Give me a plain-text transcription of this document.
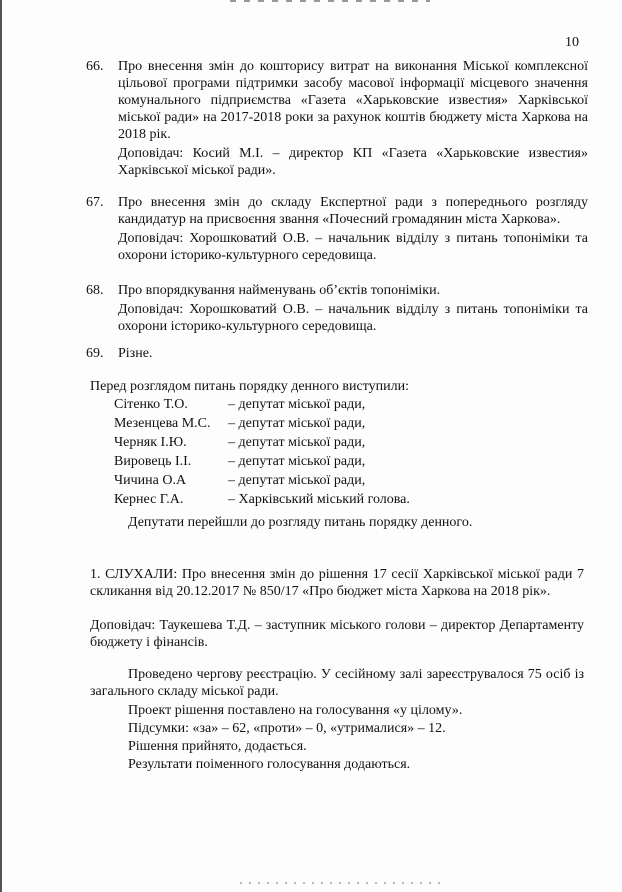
10
66.	Про внесення змін до кошторису витрат на виконання Міської комплексної цільової програми підтримки засобу масової інформації місцевого значення комунального підприємства «Газета «Харьковские известия» Харківської міської ради» на 2017-2018 роки за рахунок коштів бюджету міста Харкова на 2018 рік.

Доповідач: Косий М.І. – директор КП «Газета «Харьковские известия» Харківської міської ради».

67.	Про внесення змін до складу Експертної ради з попереднього розгляду кандидатур на присвоєння звання «Почесний громадянин міста Харкова».

Доповідач: Хорошковатий О.В. – начальник відділу з питань топоніміки та охорони історико-культурного середовища.

68.	Про впорядкування найменувань об’єктів топоніміки.

Доповідач: Хорошковатий О.В. – начальник відділу з питань топоніміки та охорони історико-культурного середовища.

69.	Різне.

Перед розглядом питань порядку денного виступили:

Сітенко Т.О.	– депутат міської ради,
Мезенцева М.С.	– депутат міської ради,
Черняк І.Ю.	– депутат міської ради,
Вировець І.І.	– депутат міської ради,
Чичина О.А	– депутат міської ради,
Кернес Г.А.	– Харківський міський голова.

Депутати перейшли до розгляду питань порядку денного.

1. СЛУХАЛИ: Про внесення змін до рішення 17 сесії Харківської міської ради 7 скликання від 20.12.2017 № 850/17 «Про бюджет міста Харкова на 2018 рік».

Доповідач: Таукешева Т.Д. – заступник міського голови – директор Департаменту бюджету і фінансів.

Проведено чергову реєстрацію. У сесійному залі зареєструвалося 75 осіб із загального складу міської ради.

Проект рішення поставлено на голосування «у цілому».

Підсумки: «за» – 62, «проти» – 0, «утрималися» – 12.

Рішення прийнято, додається.

Результати поіменного голосування додаються.
